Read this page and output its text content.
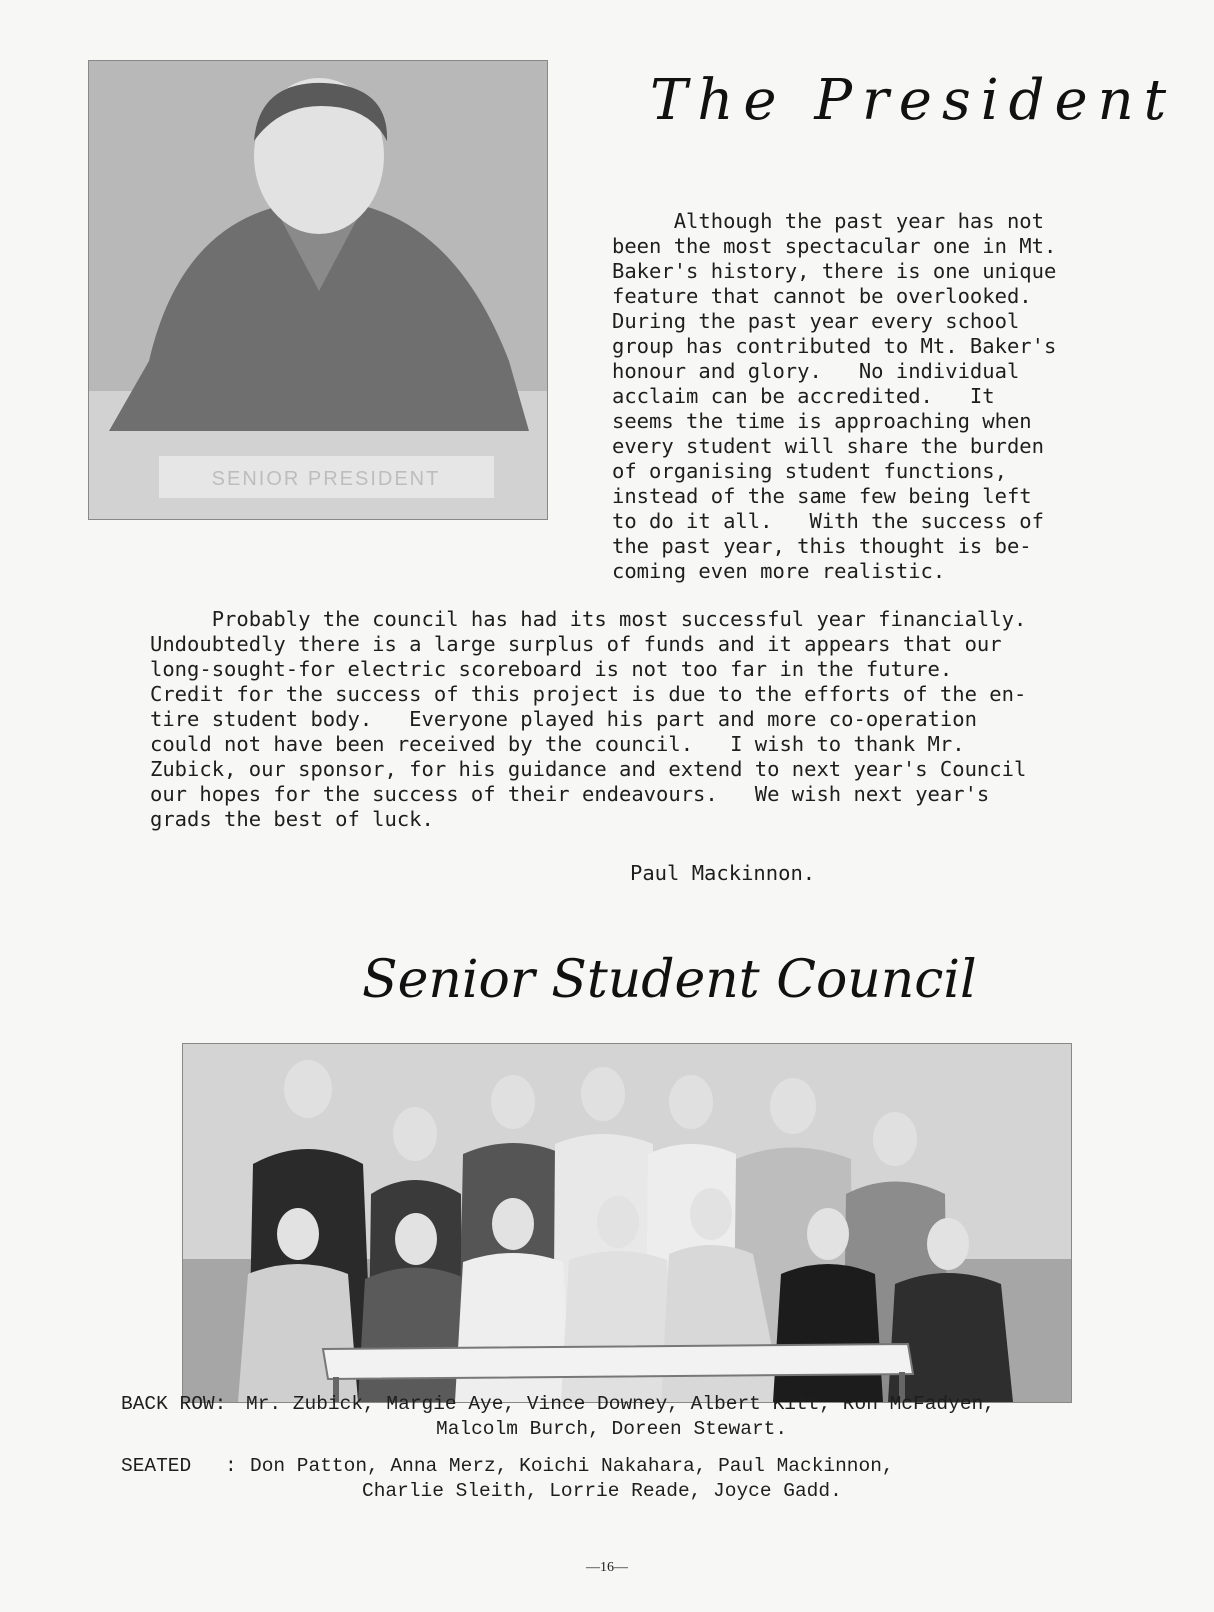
SENIOR PRESIDENT
The President
Although the past year has not
been the most spectacular one in Mt.
Baker's history, there is one unique
feature that cannot be overlooked.
During the past year every school
group has contributed to Mt. Baker's
honour and glory.   No individual
acclaim can be accredited.   It
seems the time is approaching when
every student will share the burden
of organising student functions,
instead of the same few being left
to do it all.   With the success of
the past year, this thought is be-
coming even more realistic.
Probably the council has had its most successful year financially.
Undoubtedly there is a large surplus of funds and it appears that our
long-sought-for electric scoreboard is not too far in the future.
Credit for the success of this project is due to the efforts of the en-
tire student body.   Everyone played his part and more co-operation
could not have been received by the council.   I wish to thank Mr.
Zubick, our sponsor, for his guidance and extend to next year's Council
our hopes for the success of their endeavours.   We wish next year's
grads the best of luck.
Paul Mackinnon.
Senior Student Council
BACK ROW: Mr. Zubick, Margie Aye, Vince Downey, Albert Kitt, Ron McFadyen,
Malcolm Burch, Doreen Stewart.
SEATED : Don Patton, Anna Merz, Koichi Nakahara, Paul Mackinnon,
Charlie Sleith, Lorrie Reade, Joyce Gadd.
—16—
